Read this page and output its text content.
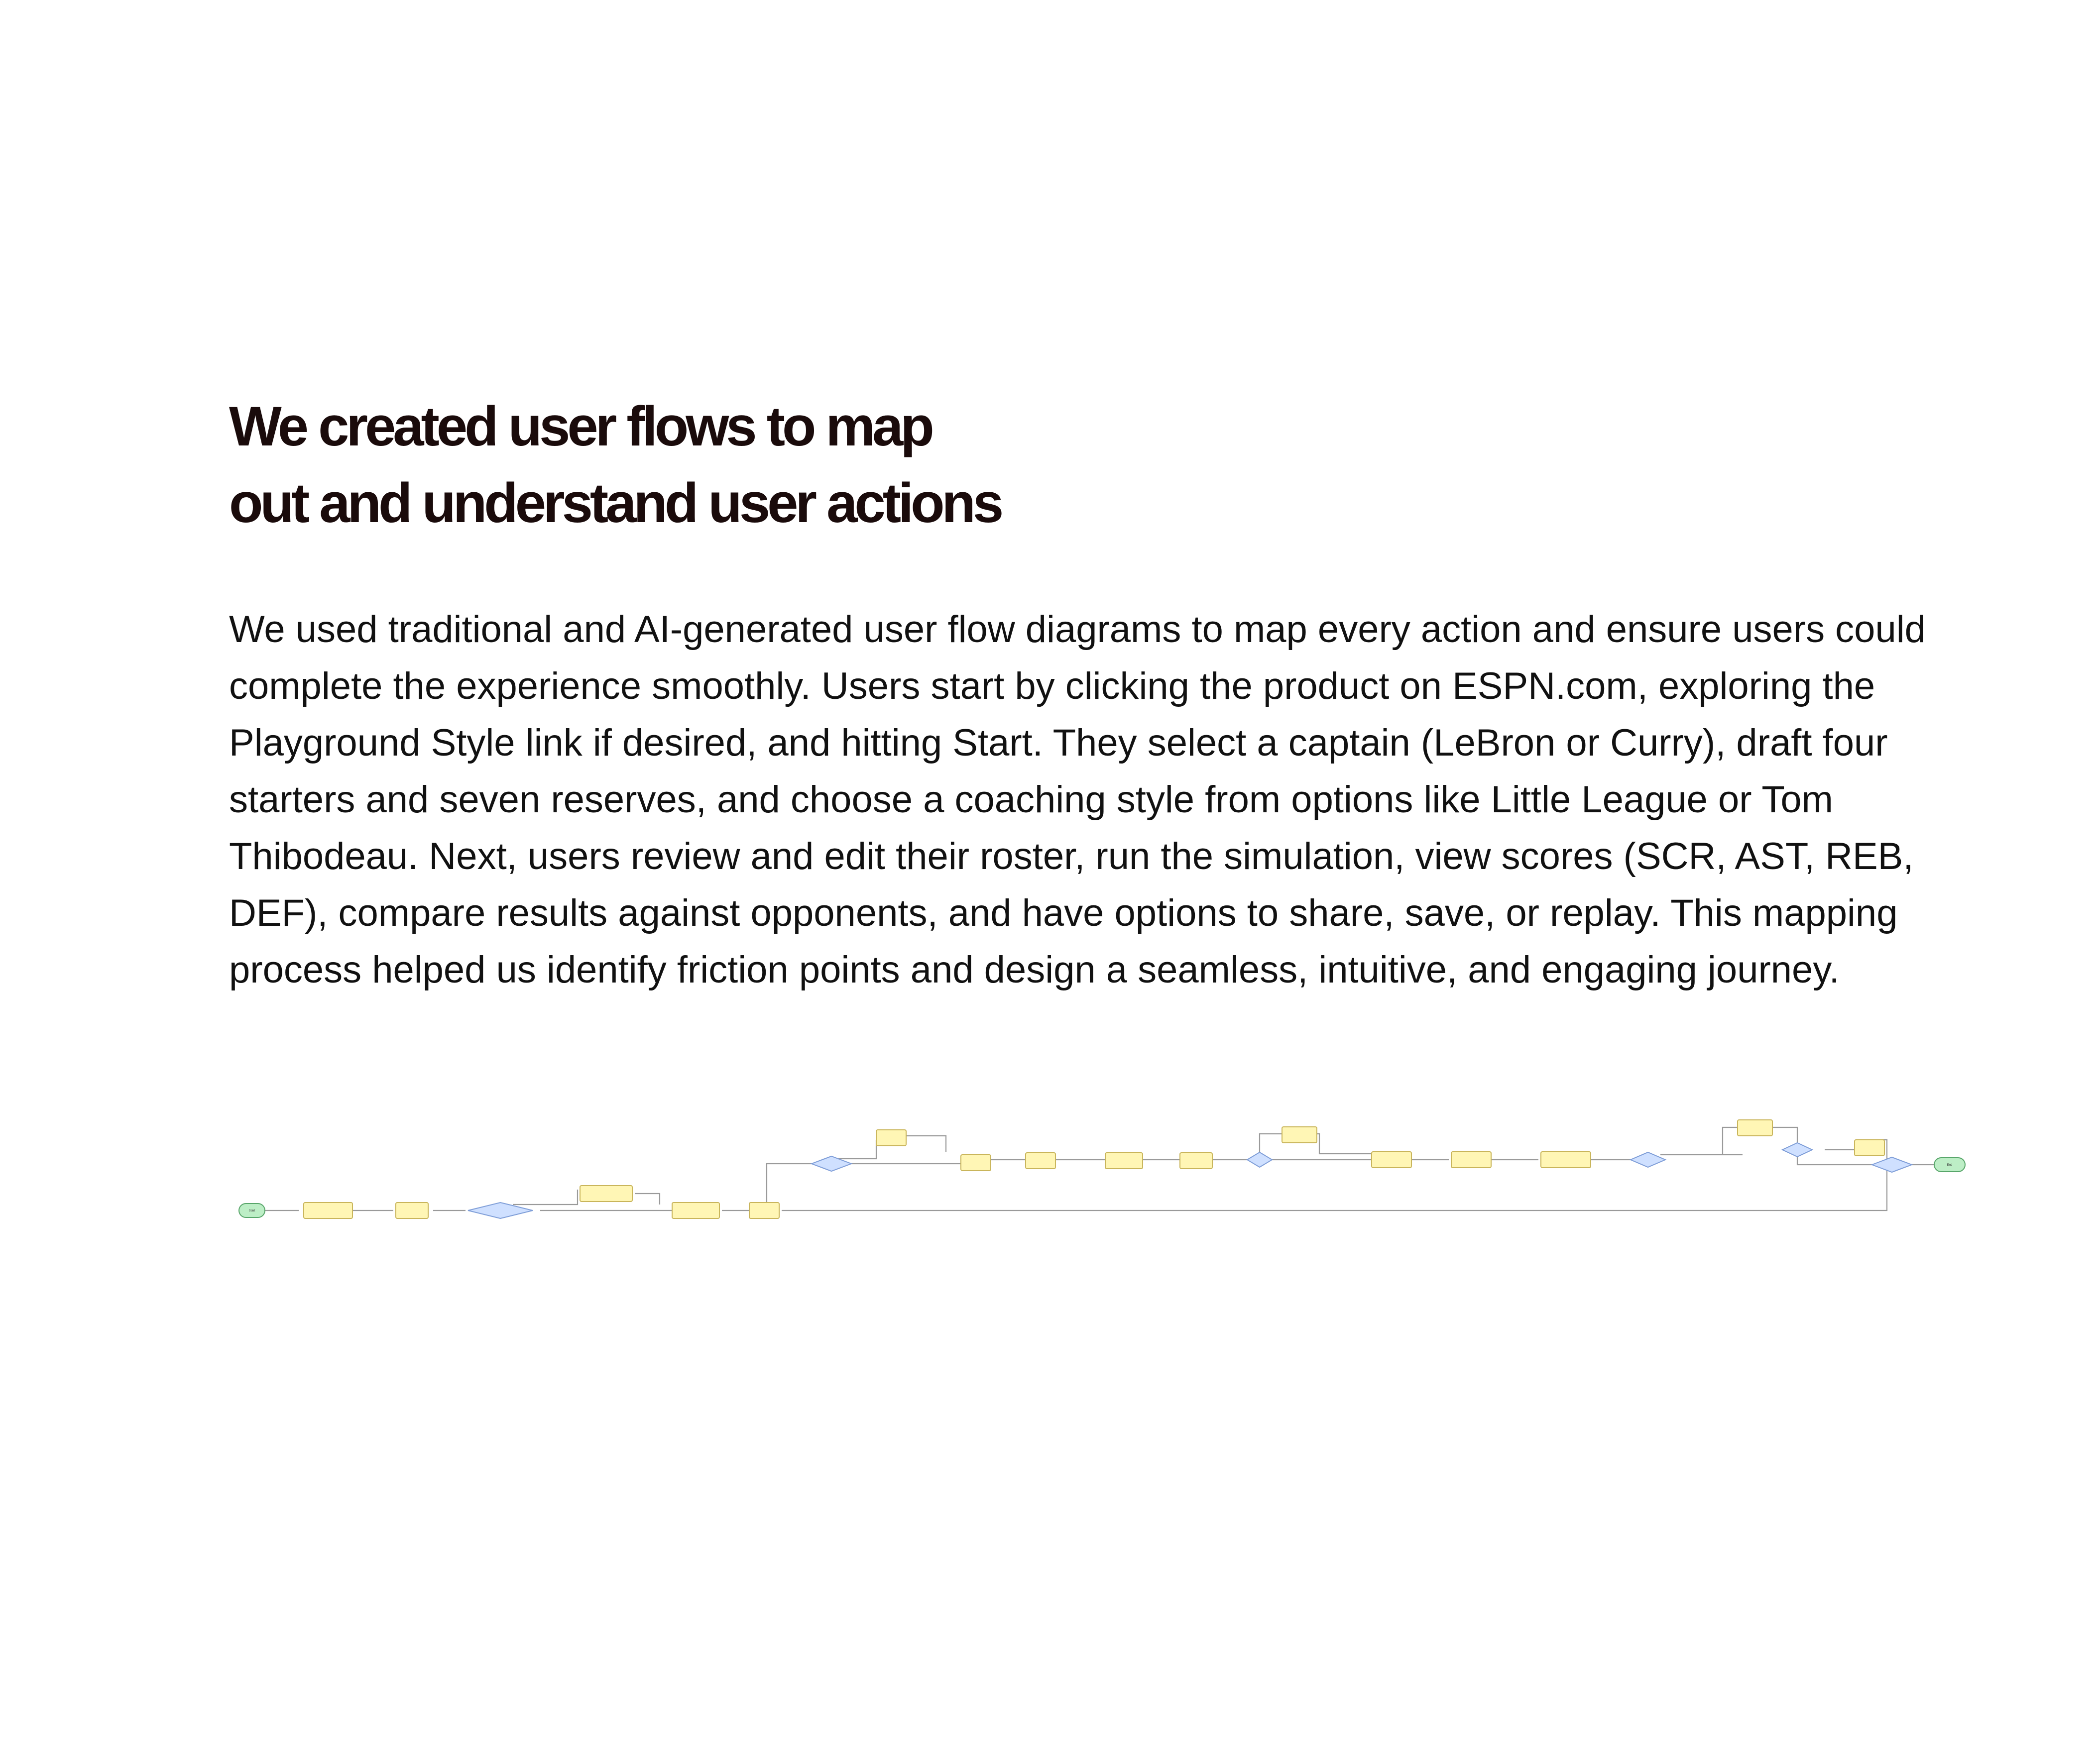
We created user flows to map
out and understand user actions

We used traditional and AI-generated user flow diagrams to map every action and ensure users could complete the experience smoothly. Users start by clicking the product on ESPN.com, exploring the Playground Style link if desired, and hitting Start. They select a captain (LeBron or Curry), draft four starters and seven reserves, and choose a coaching style from options like Little League or Tom Thibodeau. Next, users review and edit their roster, run the simulation, view scores (SCR, AST, REB, DEF), compare results against opponents, and have options to share, save, or replay. This mapping process helped us identify friction points and design a seamless, intuitive, and engaging journey.

Start
End
